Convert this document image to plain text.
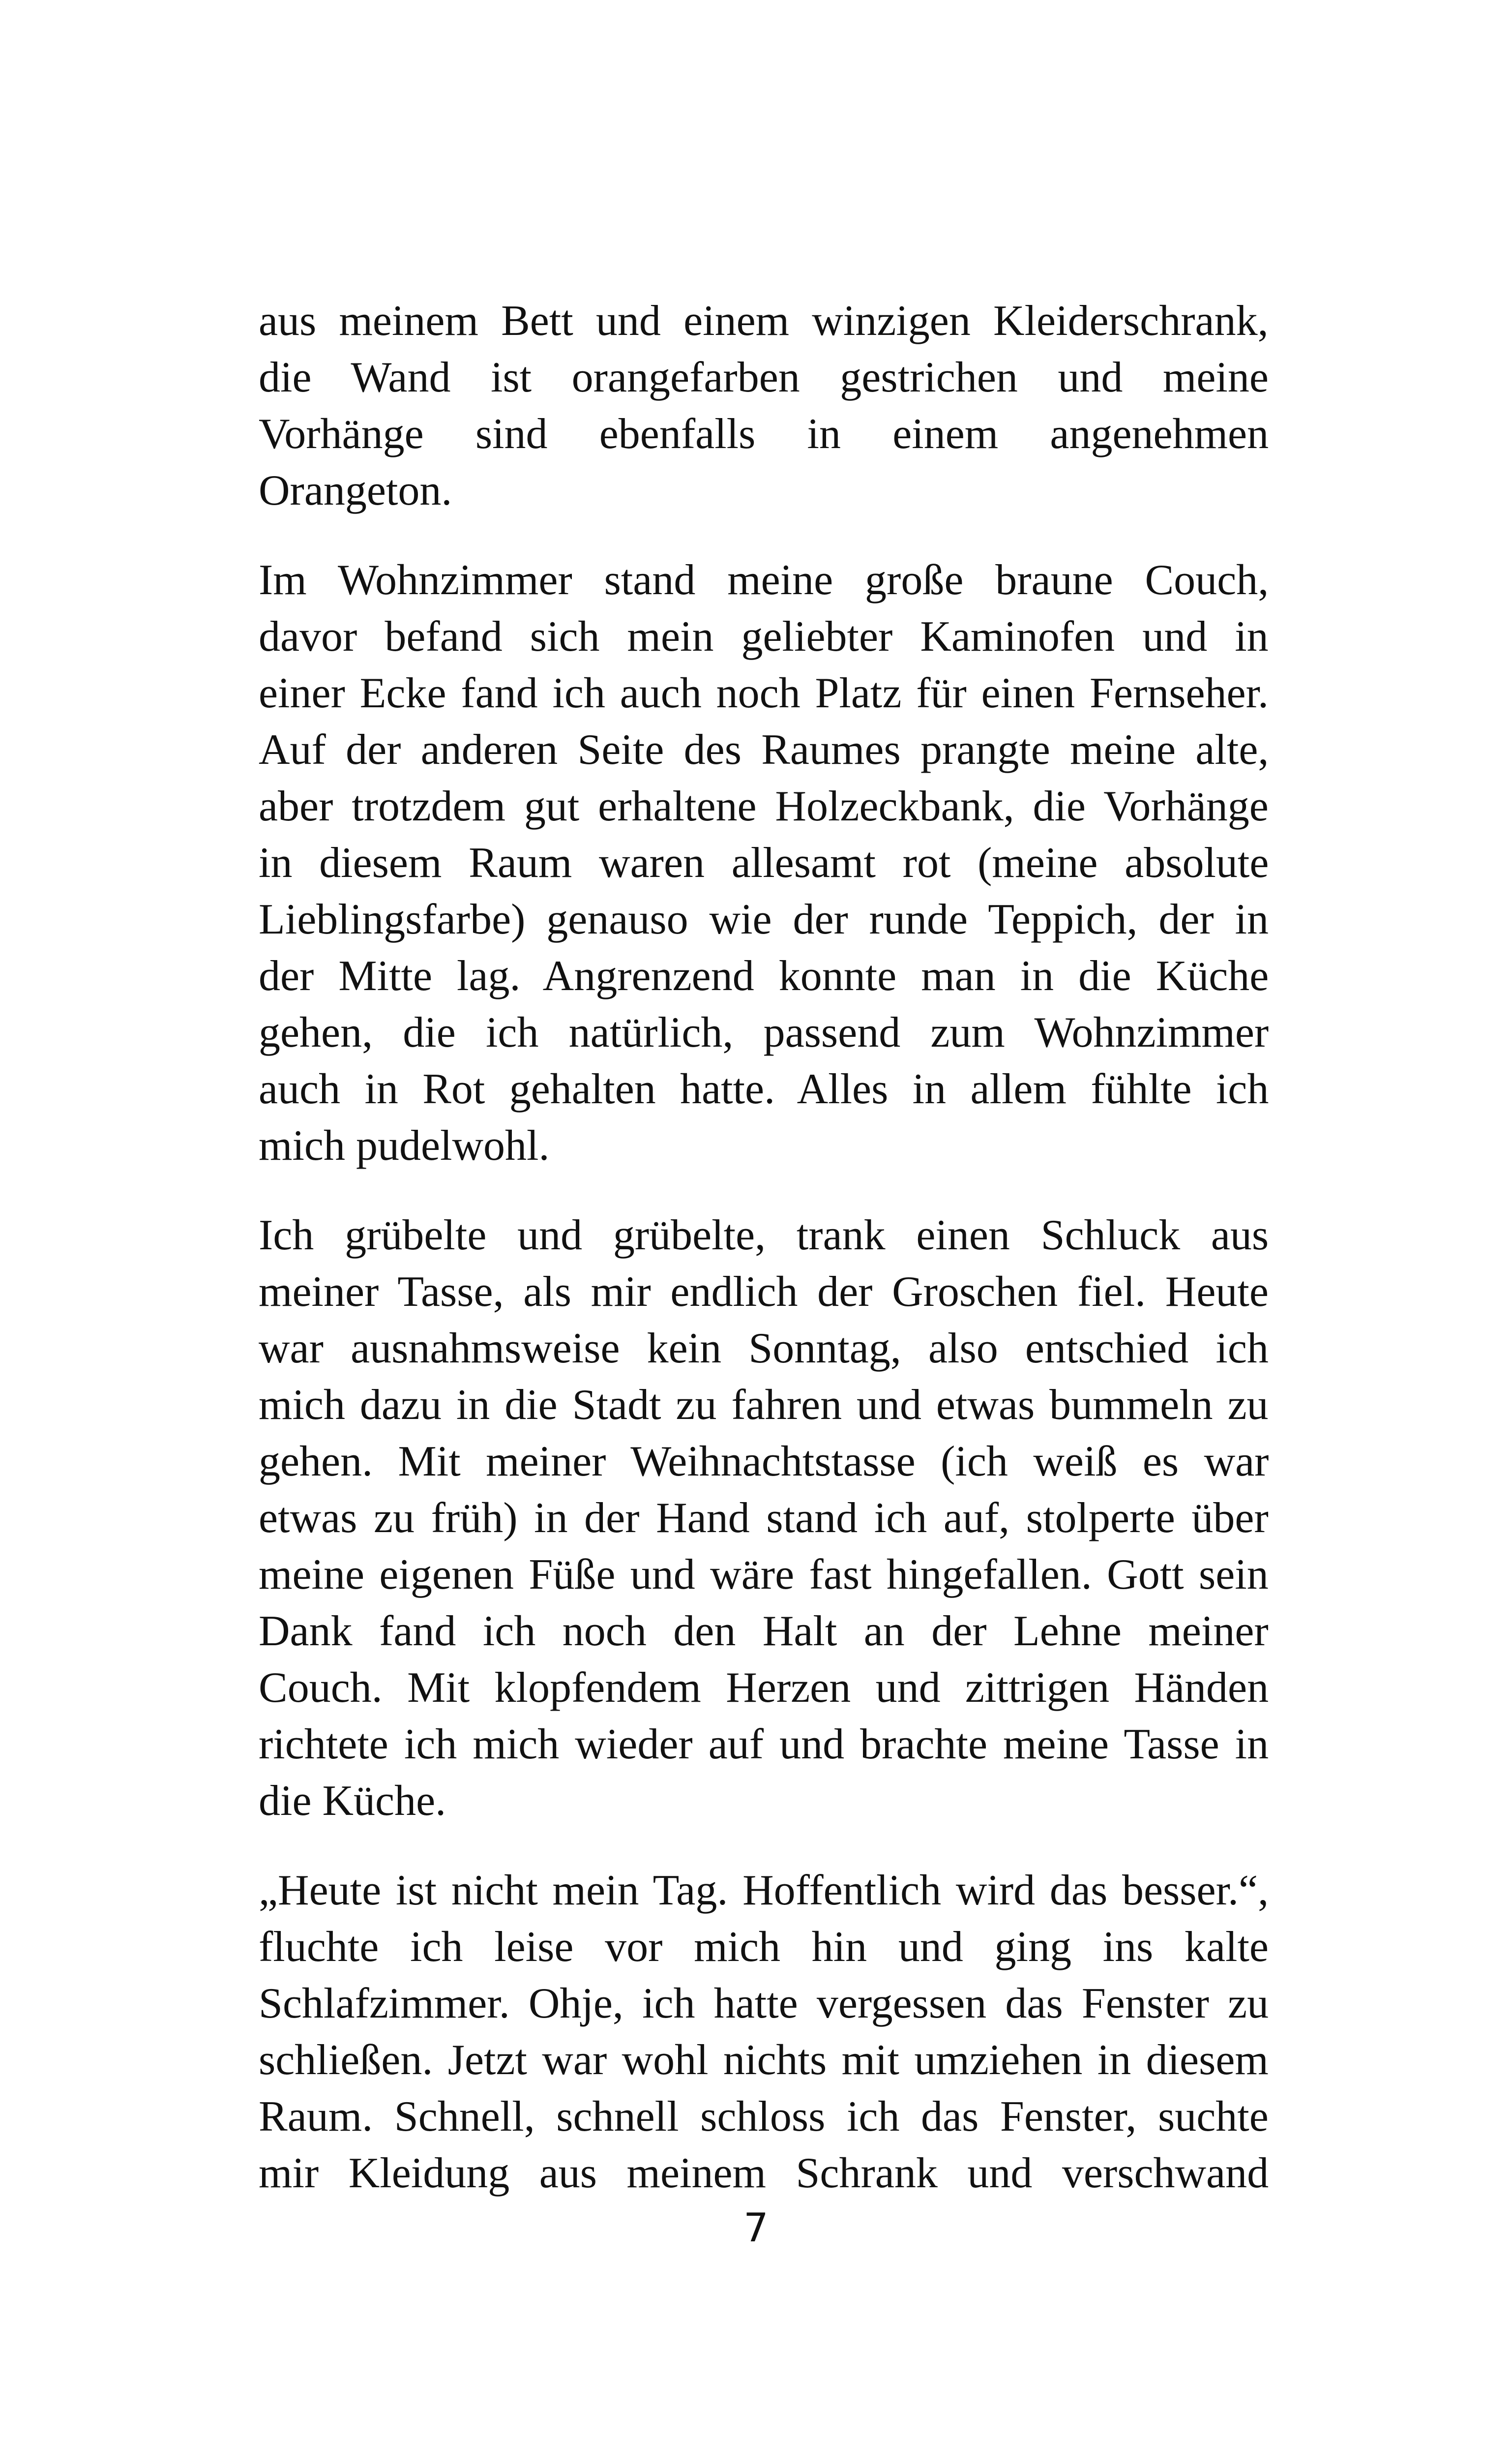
aus meinem Bett und einem winzigen Kleiderschrank,
die Wand ist orangefarben gestrichen und meine
Vorhänge sind ebenfalls in einem angenehmen
Orangeton.
Im Wohnzimmer stand meine große braune Couch,
davor befand sich mein geliebter Kaminofen und in
einer Ecke fand ich auch noch Platz für einen Fernseher.
Auf der anderen Seite des Raumes prangte meine alte,
aber trotzdem gut erhaltene Holzeckbank, die Vorhänge
in diesem Raum waren allesamt rot (meine absolute
Lieblingsfarbe) genauso wie der runde Teppich, der in
der Mitte lag. Angrenzend konnte man in die Küche
gehen, die ich natürlich, passend zum Wohnzimmer
auch in Rot gehalten hatte. Alles in allem fühlte ich
mich pudelwohl.
Ich grübelte und grübelte, trank einen Schluck aus
meiner Tasse, als mir endlich der Groschen fiel. Heute
war ausnahmsweise kein Sonntag, also entschied ich
mich dazu in die Stadt zu fahren und etwas bummeln zu
gehen. Mit meiner Weihnachtstasse (ich weiß es war
etwas zu früh) in der Hand stand ich auf, stolperte über
meine eigenen Füße und wäre fast hingefallen. Gott sein
Dank fand ich noch den Halt an der Lehne meiner
Couch. Mit klopfendem Herzen und zittrigen Händen
richtete ich mich wieder auf und brachte meine Tasse in
die Küche.
„Heute ist nicht mein Tag. Hoffentlich wird das besser.“,
fluchte ich leise vor mich hin und ging ins kalte
Schlafzimmer. Ohje, ich hatte vergessen das Fenster zu
schließen. Jetzt war wohl nichts mit umziehen in diesem
Raum. Schnell, schnell schloss ich das Fenster, suchte
mir Kleidung aus meinem Schrank und verschwand
7
